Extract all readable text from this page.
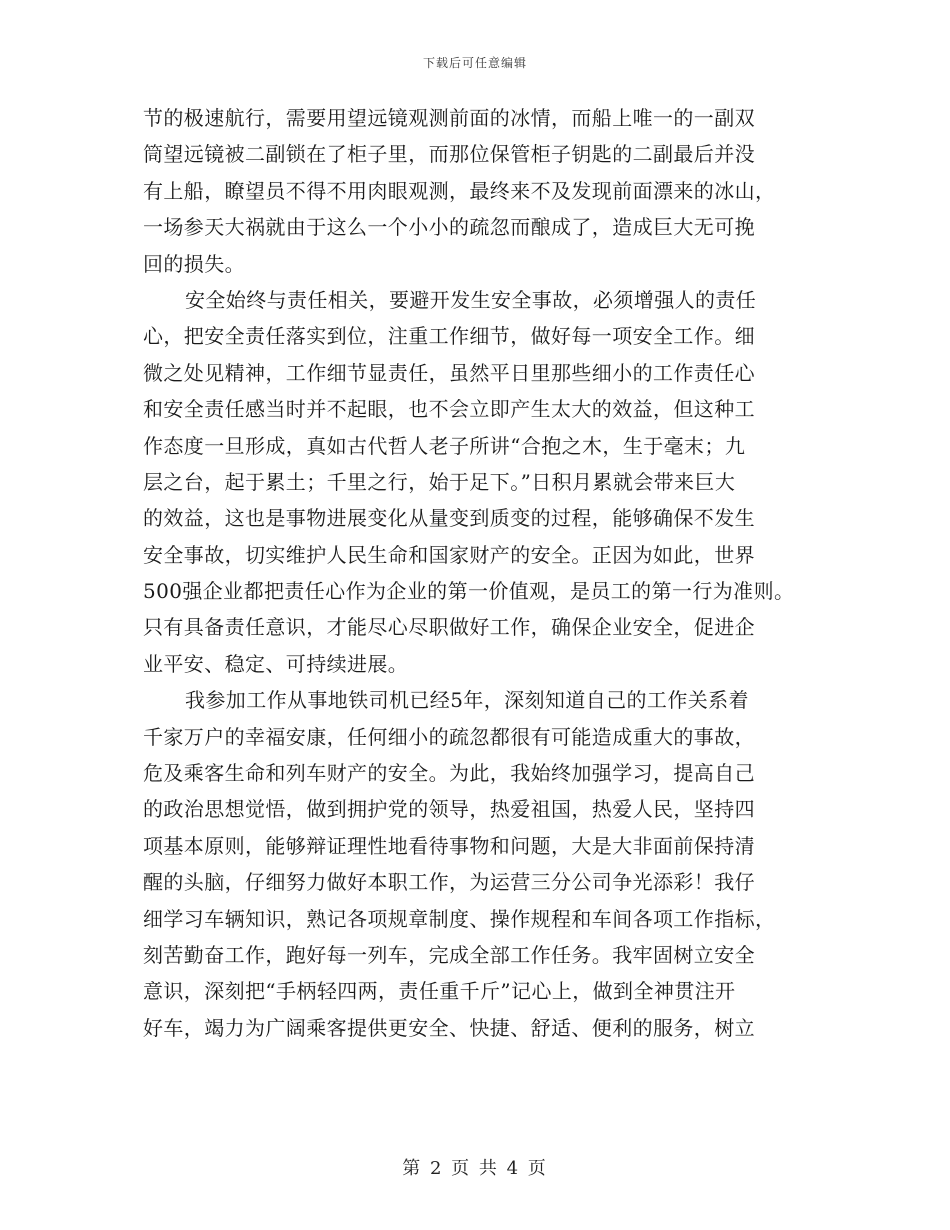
下载后可任意编辑
节的极速航行，需要用望远镜观测前面的冰情，而船上唯一的一副双
筒望远镜被二副锁在了柜子里，而那位保管柜子钥匙的二副最后并没
有上船，瞭望员不得不用肉眼观测，最终来不及发现前面漂来的冰山，
一场参天大祸就由于这么一个小小的疏忽而酿成了，造成巨大无可挽
回的损失。
安全始终与责任相关，要避开发生安全事故，必须增强人的责任
心，把安全责任落实到位，注重工作细节，做好每一项安全工作。细
微之处见精神，工作细节显责任，虽然平日里那些细小的工作责任心
和安全责任感当时并不起眼，也不会立即产生太大的效益，但这种工
作态度一旦形成，真如古代哲人老子所讲“合抱之木，生于毫末；九
层之台，起于累土；千里之行，始于足下。”日积月累就会带来巨大
的效益，这也是事物进展变化从量变到质变的过程，能够确保不发生
安全事故，切实维护人民生命和国家财产的安全。正因为如此，世界
500强企业都把责任心作为企业的第一价值观，是员工的第一行为准则。
只有具备责任意识，才能尽心尽职做好工作，确保企业安全，促进企
业平安、稳定、可持续进展。
我参加工作从事地铁司机已经5年，深刻知道自己的工作关系着
千家万户的幸福安康，任何细小的疏忽都很有可能造成重大的事故，
危及乘客生命和列车财产的安全。为此，我始终加强学习，提高自己
的政治思想觉悟，做到拥护党的领导，热爱祖国，热爱人民，坚持四
项基本原则，能够辩证理性地看待事物和问题，大是大非面前保持清
醒的头脑，仔细努力做好本职工作，为运营三分公司争光添彩！我仔
细学习车辆知识，熟记各项规章制度、操作规程和车间各项工作指标，
刻苦勤奋工作，跑好每一列车，完成全部工作任务。我牢固树立安全
意识，深刻把“手柄轻四两，责任重千斤”记心上，做到全神贯注开
好车，竭力为广阔乘客提供更安全、快捷、舒适、便利的服务，树立
第 2 页 共 4 页
